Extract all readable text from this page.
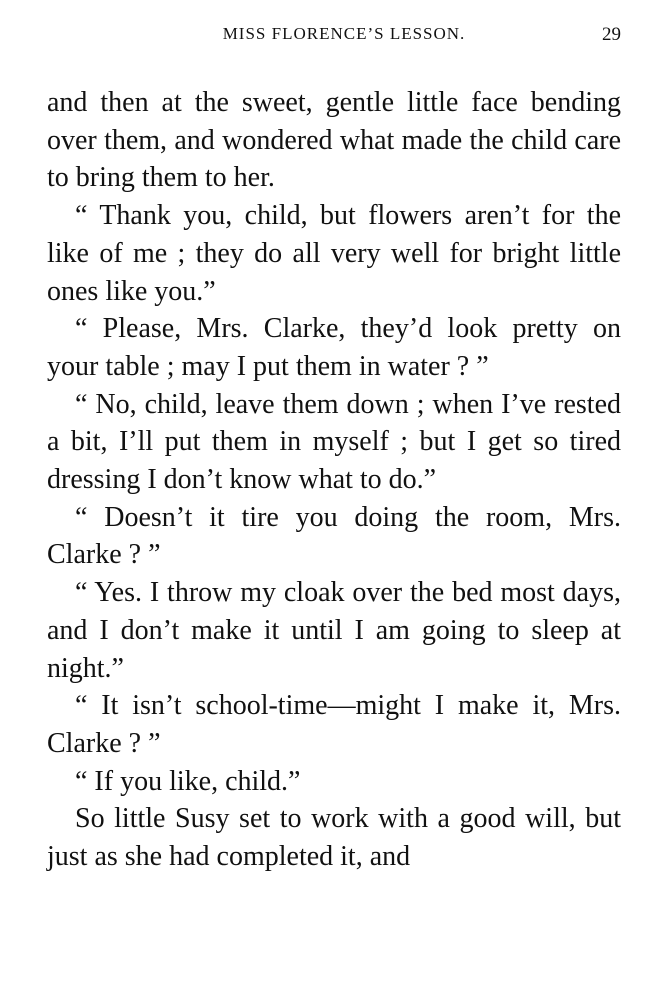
MISS FLORENCE’S LESSON.	29

and then at the sweet, gentle little face bending over them, and wondered what made the child care to bring them to her.

“ Thank you, child, but flowers aren’t for the like of me ; they do all very well for bright little ones like you.”

“ Please, Mrs. Clarke, they’d look pretty on your table ; may I put them in water ? ”

“ No, child, leave them down ; when I’ve rested a bit, I’ll put them in myself ; but I get so tired dressing I don’t know what to do.”

“ Doesn’t it tire you doing the room, Mrs. Clarke ? ”

“ Yes. I throw my cloak over the bed most days, and I don’t make it until I am going to sleep at night.”

“ It isn’t school-time—might I make it, Mrs. Clarke ? ”

“ If you like, child.”

So little Susy set to work with a good will, but just as she had completed it, and
